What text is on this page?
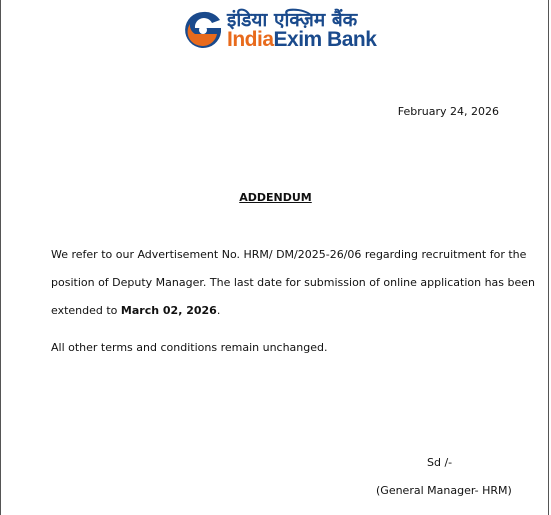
इंडिया एक्ज़िम बैंक
IndiaExim Bank
February 24, 2026
ADDENDUM
We refer to our Advertisement No. HRM/ DM/2025-26/06 regarding recruitment for the
position of Deputy Manager. The last date for submission of online application has been
extended to March 02, 2026.
All other terms and conditions remain unchanged.
Sd /-
(General Manager- HRM)
